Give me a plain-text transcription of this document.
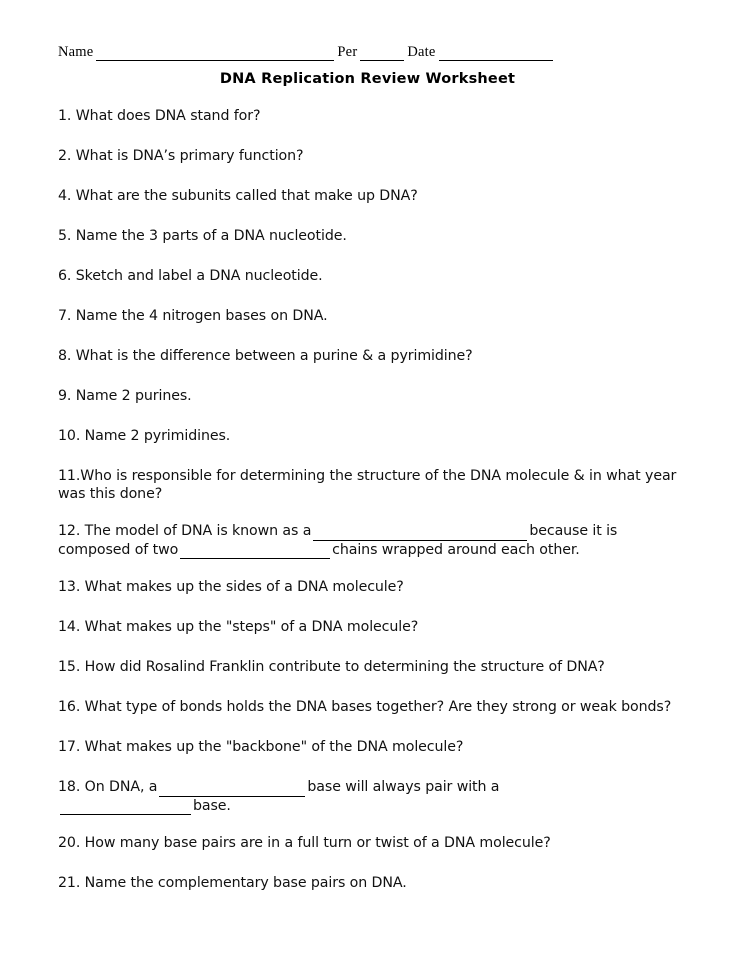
Name	Per	Date
DNA Replication Review Worksheet

1. What does DNA stand for?

2. What is DNA’s primary function?

4. What are the subunits called that make up DNA?

5. Name the 3 parts of a DNA nucleotide.

6. Sketch and label a DNA nucleotide.

7. Name the 4 nitrogen bases on DNA.

8. What is the difference between a purine & a pyrimidine?

9. Name 2 purines.

10. Name 2 pyrimidines.

11.Who is responsible for determining the structure of the DNA molecule & in what year was this done?

12. The model of DNA is known as a	because it is composed of two	chains wrapped around each other.

13. What makes up the sides of a DNA molecule?

14. What makes up the "steps" of a DNA molecule?

15. How did Rosalind Franklin contribute to determining the structure of DNA?

16. What type of bonds holds the DNA bases together? Are they strong or weak bonds?

17. What makes up the "backbone" of the DNA molecule?

18. On DNA, a	base will always pair with a
base.

20. How many base pairs are in a full turn or twist of a DNA molecule?

21. Name the complementary base pairs on DNA.
